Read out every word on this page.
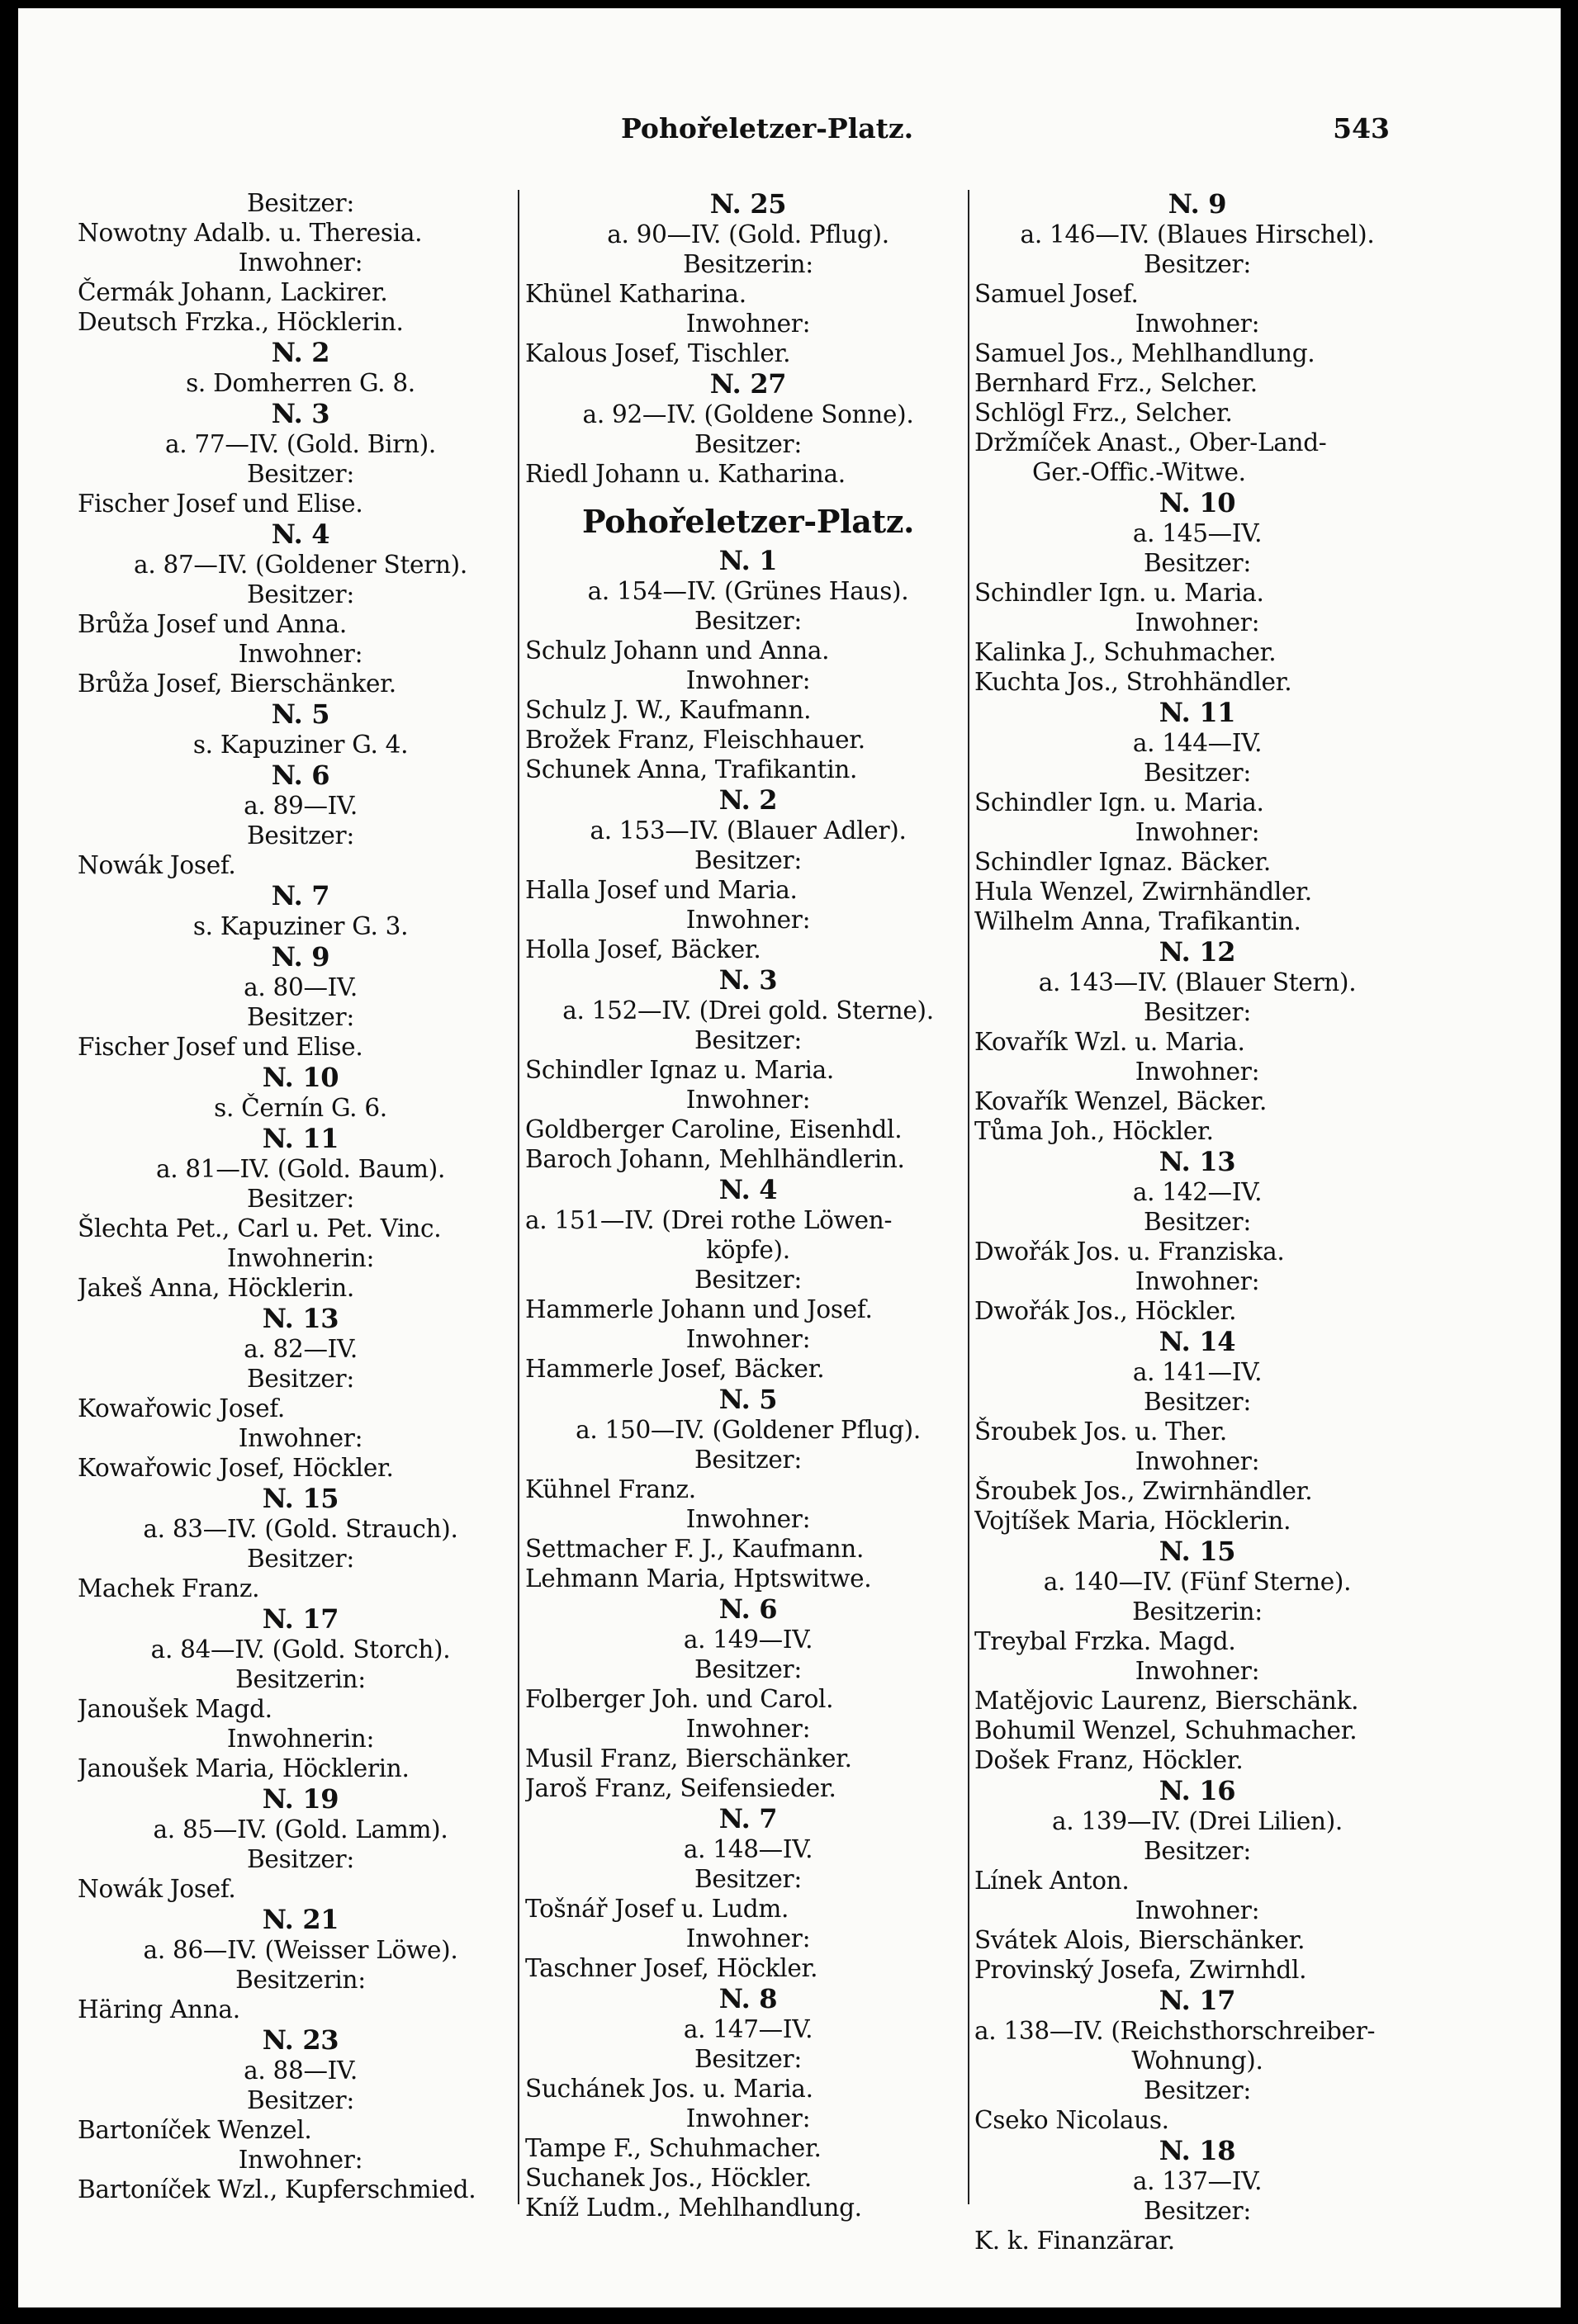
Pohořeletzer-Platz.	543
Besitzer:
Nowotny Adalb. u. Theresia.
Inwohner:
Čermák Johann, Lackirer.
Deutsch Frzka., Höcklerin.
N. 2
s. Domherren G. 8.
N. 3
a. 77—IV. (Gold. Birn).
Besitzer:
Fischer Josef und Elise.
N. 4
a. 87—IV. (Goldener Stern).
Besitzer:
Brůža Josef und Anna.
Inwohner:
Brůža Josef, Bierschänker.
N. 5
s. Kapuziner G. 4.
N. 6
a. 89—IV.
Besitzer:
Nowák Josef.
N. 7
s. Kapuziner G. 3.
N. 9
a. 80—IV.
Besitzer:
Fischer Josef und Elise.
N. 10
s. Černín G. 6.
N. 11
a. 81—IV. (Gold. Baum).
Besitzer:
Šlechta Pet., Carl u. Pet. Vinc.
Inwohnerin:
Jakeš Anna, Höcklerin.
N. 13
a. 82—IV.
Besitzer:
Kowařowic Josef.
Inwohner:
Kowařowic Josef, Höckler.
N. 15
a. 83—IV. (Gold. Strauch).
Besitzer:
Machek Franz.
N. 17
a. 84—IV. (Gold. Storch).
Besitzerin:
Janoušek Magd.
Inwohnerin:
Janoušek Maria, Höcklerin.
N. 19
a. 85—IV. (Gold. Lamm).
Besitzer:
Nowák Josef.
N. 21
a. 86—IV. (Weisser Löwe).
Besitzerin:
Häring Anna.
N. 23
a. 88—IV.
Besitzer:
Bartoníček Wenzel.
Inwohner:
Bartoníček Wzl., Kupferschmied.
N. 25
a. 90—IV. (Gold. Pflug).
Besitzerin:
Khünel Katharina.
Inwohner:
Kalous Josef, Tischler.
N. 27
a. 92—IV. (Goldene Sonne).
Besitzer:
Riedl Johann u. Katharina.
Pohořeletzer-Platz.
N. 1
a. 154—IV. (Grünes Haus).
Besitzer:
Schulz Johann und Anna.
Inwohner:
Schulz J. W., Kaufmann.
Brožek Franz, Fleischhauer.
Schunek Anna, Trafikantin.
N. 2
a. 153—IV. (Blauer Adler).
Besitzer:
Halla Josef und Maria.
Inwohner:
Holla Josef, Bäcker.
N. 3
a. 152—IV. (Drei gold. Sterne).
Besitzer:
Schindler Ignaz u. Maria.
Inwohner:
Goldberger Caroline, Eisenhdl.
Baroch Johann, Mehlhändlerin.
N. 4
a. 151—IV. (Drei rothe Löwen-
köpfe).
Besitzer:
Hammerle Johann und Josef.
Inwohner:
Hammerle Josef, Bäcker.
N. 5
a. 150—IV. (Goldener Pflug).
Besitzer:
Kühnel Franz.
Inwohner:
Settmacher F. J., Kaufmann.
Lehmann Maria, Hptswitwe.
N. 6
a. 149—IV.
Besitzer:
Folberger Joh. und Carol.
Inwohner:
Musil Franz, Bierschänker.
Jaroš Franz, Seifensieder.
N. 7
a. 148—IV.
Besitzer:
Tošnář Josef u. Ludm.
Inwohner:
Taschner Josef, Höckler.
N. 8
a. 147—IV.
Besitzer:
Suchánek Jos. u. Maria.
Inwohner:
Tampe F., Schuhmacher.
Suchanek Jos., Höckler.
Kníž Ludm., Mehlhandlung.
N. 9
a. 146—IV. (Blaues Hirschel).
Besitzer:
Samuel Josef.
Inwohner:
Samuel Jos., Mehlhandlung.
Bernhard Frz., Selcher.
Schlögl Frz., Selcher.
Držmíček Anast., Ober-Land-
Ger.-Offic.-Witwe.
N. 10
a. 145—IV.
Besitzer:
Schindler Ign. u. Maria.
Inwohner:
Kalinka J., Schuhmacher.
Kuchta Jos., Strohhändler.
N. 11
a. 144—IV.
Besitzer:
Schindler Ign. u. Maria.
Inwohner:
Schindler Ignaz. Bäcker.
Hula Wenzel, Zwirnhändler.
Wilhelm Anna, Trafikantin.
N. 12
a. 143—IV. (Blauer Stern).
Besitzer:
Kovařík Wzl. u. Maria.
Inwohner:
Kovařík Wenzel, Bäcker.
Tůma Joh., Höckler.
N. 13
a. 142—IV.
Besitzer:
Dwořák Jos. u. Franziska.
Inwohner:
Dwořák Jos., Höckler.
N. 14
a. 141—IV.
Besitzer:
Šroubek Jos. u. Ther.
Inwohner:
Šroubek Jos., Zwirnhändler.
Vojtíšek Maria, Höcklerin.
N. 15
a. 140—IV. (Fünf Sterne).
Besitzerin:
Treybal Frzka. Magd.
Inwohner:
Matějovic Laurenz, Bierschänk.
Bohumil Wenzel, Schuhmacher.
Došek Franz, Höckler.
N. 16
a. 139—IV. (Drei Lilien).
Besitzer:
Línek Anton.
Inwohner:
Svátek Alois, Bierschänker.
Provinský Josefa, Zwirnhdl.
N. 17
a. 138—IV. (Reichsthorschreiber-
Wohnung).
Besitzer:
Cseko Nicolaus.
N. 18
a. 137—IV.
Besitzer:
K. k. Finanzärar.
